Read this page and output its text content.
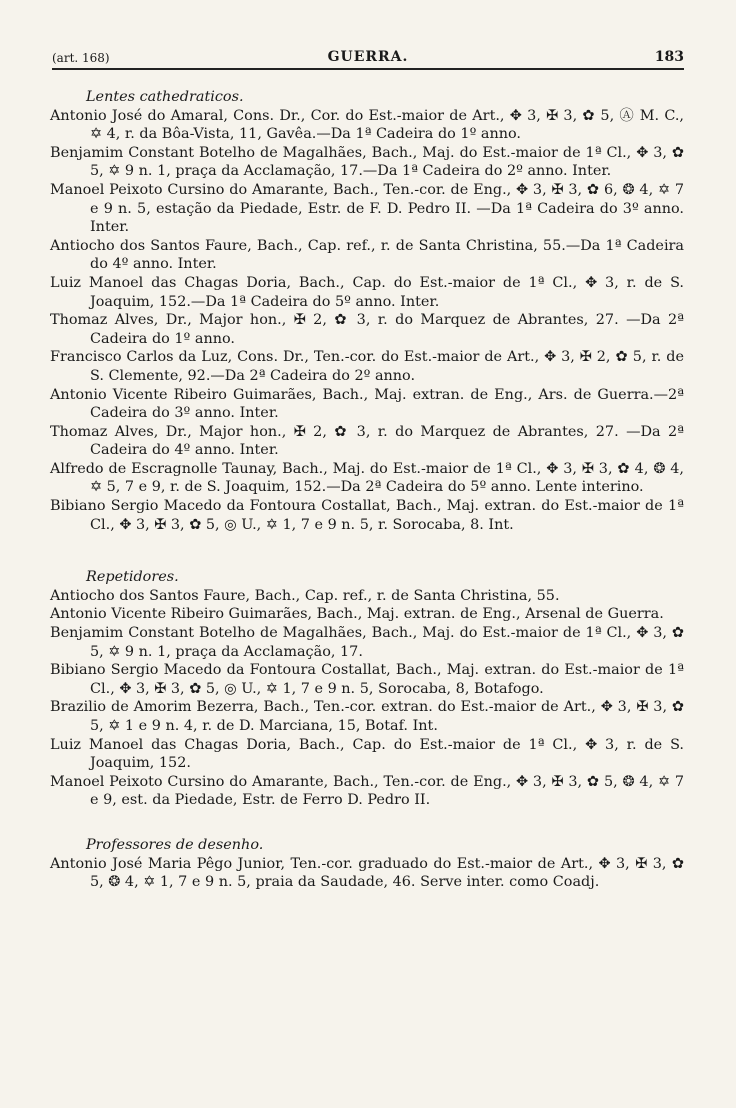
(art. 168)	GUERRA.	183

Lentes cathedraticos.

Antonio José do Amaral, Cons. Dr., Cor. do Est.-maior de Art., ✥ 3, ✠ 3, ✿ 5, Ⓐ M. C., ✡ 4, r. da Bôa-Vista, 11, Gavêa.—Da 1ª Cadeira do 1º anno.

Benjamim Constant Botelho de Magalhães, Bach., Maj. do Est.-maior de 1ª Cl., ✥ 3, ✿ 5, ✡ 9 n. 1, praça da Acclamação, 17.—Da 1ª Cadeira do 2º anno. Inter.

Manoel Peixoto Cursino do Amarante, Bach., Ten.-cor. de Eng., ✥ 3, ✠ 3, ✿ 6, ❂ 4, ✡ 7 e 9 n. 5, estação da Piedade, Estr. de F. D. Pedro II. —Da 1ª Cadeira do 3º anno. Inter.

Antiocho dos Santos Faure, Bach., Cap. ref., r. de Santa Christina, 55.—Da 1ª Cadeira do 4º anno. Inter.

Luiz Manoel das Chagas Doria, Bach., Cap. do Est.-maior de 1ª Cl., ✥ 3, r. de S. Joaquim, 152.—Da 1ª Cadeira do 5º anno. Inter.

Thomaz Alves, Dr., Major hon., ✠ 2, ✿ 3, r. do Marquez de Abrantes, 27. —Da 2ª Cadeira do 1º anno.

Francisco Carlos da Luz, Cons. Dr., Ten.-cor. do Est.-maior de Art., ✥ 3, ✠ 2, ✿ 5, r. de S. Clemente, 92.—Da 2ª Cadeira do 2º anno.

Antonio Vicente Ribeiro Guimarães, Bach., Maj. extran. de Eng., Ars. de Guerra.—2ª Cadeira do 3º anno. Inter.

Thomaz Alves, Dr., Major hon., ✠ 2, ✿ 3, r. do Marquez de Abrantes, 27. —Da 2ª Cadeira do 4º anno. Inter.

Alfredo de Escragnolle Taunay, Bach., Maj. do Est.-maior de 1ª Cl., ✥ 3, ✠ 3, ✿ 4, ❂ 4, ✡ 5, 7 e 9, r. de S. Joaquim, 152.—Da 2ª Cadeira do 5º anno. Lente interino.

Bibiano Sergio Macedo da Fontoura Costallat, Bach., Maj. extran. do Est.-maior de 1ª Cl., ✥ 3, ✠ 3, ✿ 5, ◎ U., ✡ 1, 7 e 9 n. 5, r. Sorocaba, 8. Int.

Repetidores.

Antiocho dos Santos Faure, Bach., Cap. ref., r. de Santa Christina, 55.

Antonio Vicente Ribeiro Guimarães, Bach., Maj. extran. de Eng., Arsenal de Guerra.

Benjamim Constant Botelho de Magalhães, Bach., Maj. do Est.-maior de 1ª Cl., ✥ 3, ✿ 5, ✡ 9 n. 1, praça da Acclamação, 17.

Bibiano Sergio Macedo da Fontoura Costallat, Bach., Maj. extran. do Est.-maior de 1ª Cl., ✥ 3, ✠ 3, ✿ 5, ◎ U., ✡ 1, 7 e 9 n. 5, Sorocaba, 8, Botafogo.

Brazilio de Amorim Bezerra, Bach., Ten.-cor. extran. do Est.-maior de Art., ✥ 3, ✠ 3, ✿ 5, ✡ 1 e 9 n. 4, r. de D. Marciana, 15, Botaf. Int.

Luiz Manoel das Chagas Doria, Bach., Cap. do Est.-maior de 1ª Cl., ✥ 3, r. de S. Joaquim, 152.

Manoel Peixoto Cursino do Amarante, Bach., Ten.-cor. de Eng., ✥ 3, ✠ 3, ✿ 5, ❂ 4, ✡ 7 e 9, est. da Piedade, Estr. de Ferro D. Pedro II.

Professores de desenho.

Antonio José Maria Pêgo Junior, Ten.-cor. graduado do Est.-maior de Art., ✥ 3, ✠ 3, ✿ 5, ❂ 4, ✡ 1, 7 e 9 n. 5, praia da Saudade, 46. Serve inter. como Coadj.
